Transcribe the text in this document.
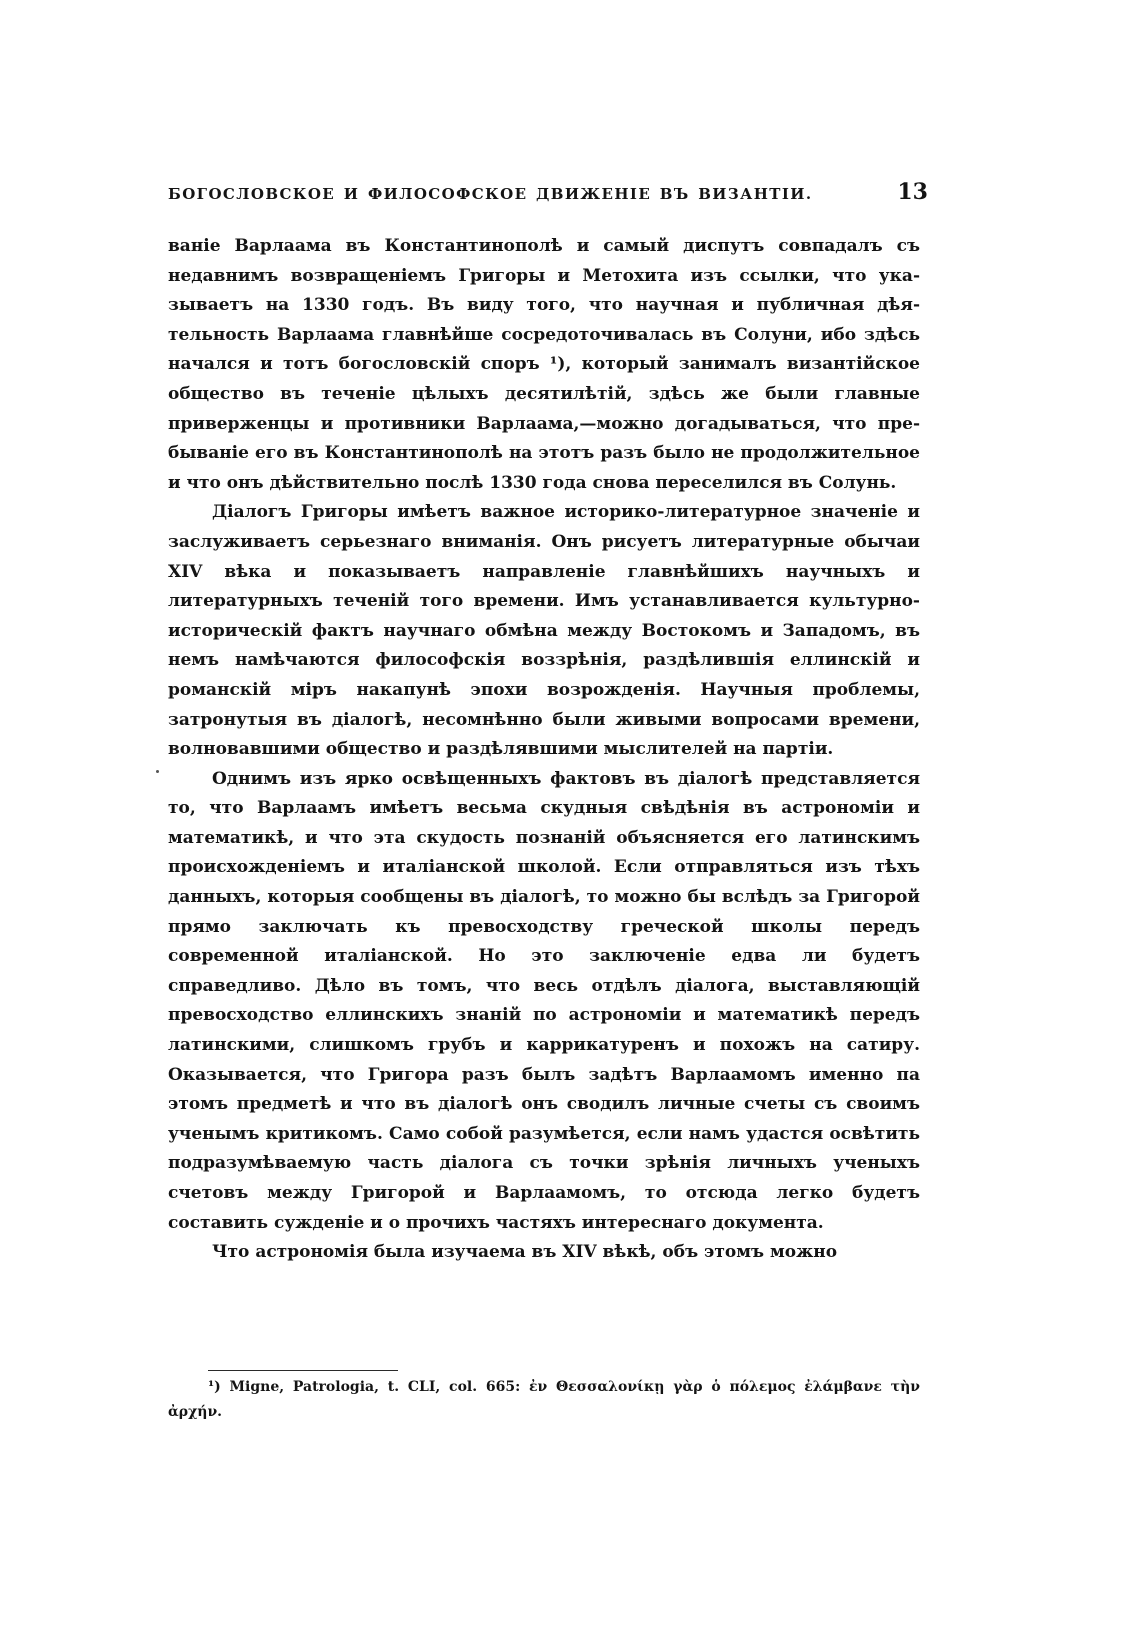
БОГОСЛОВСКОЕ И ФИЛОСОФСКОЕ ДВИЖЕНІЕ ВЪ ВИЗАНТІИ.	13

ваніе Варлаама въ Константинополѣ и самый диспутъ совпадалъ съ недавнимъ возвращеніемъ Григоры и Метохита изъ ссылки, что указываетъ на 1330 годъ. Въ виду того, что научная и публичная дѣятельность Варлаама главнѣйше сосредоточивалась въ Солуни, ибо здѣсь начался и тотъ богословскій споръ ¹), который занималъ византійское общество въ теченіе цѣлыхъ десятилѣтій, здѣсь же были главные приверженцы и противники Варлаама,—можно догадываться, что пребываніе его въ Константинополѣ на этотъ разъ было не продолжительное и что онъ дѣйствительно послѣ 1330 года снова переселился въ Солунь.

Діалогъ Григоры имѣетъ важное историко-литературное значеніе и заслуживаетъ серьезнаго вниманія. Онъ рисуетъ литературные обычаи XIV вѣка и показываетъ направленіе главнѣйшихъ научныхъ и литературныхъ теченій того времени. Имъ устанавливается культурно-историческій фактъ научнаго обмѣна между Востокомъ и Западомъ, въ немъ намѣчаются философскія воззрѣнія, раздѣлившія еллинскій и романскій міръ накапунѣ эпохи возрожденія. Научныя проблемы, затронутыя въ діалогѣ, несомнѣнно были живыми вопросами времени, волновавшими общество и раздѣлявшими мыслителей на партіи.

Однимъ изъ ярко освѣщенныхъ фактовъ въ діалогѣ представляется то, что Варлаамъ имѣетъ весьма скудныя свѣдѣнія въ астрономіи и математикѣ, и что эта скудость познаній объясняется его латинскимъ происхожденіемъ и италіанской школой. Если отправляться изъ тѣхъ данныхъ, которыя сообщены въ діалогѣ, то можно бы вслѣдъ за Григорой прямо заключать къ превосходству греческой школы передъ современной италіанской. Но это заключеніе едва ли будетъ справедливо. Дѣло въ томъ, что весь отдѣлъ діалога, выставляющій превосходство еллинскихъ знаній по астрономіи и математикѣ передъ латинскими, слишкомъ грубъ и каррикатуренъ и похожъ на сатиру. Оказывается, что Григора разъ былъ задѣтъ Варлаамомъ именно па этомъ предметѣ и что въ діалогѣ онъ сводилъ личные счеты съ своимъ ученымъ критикомъ. Само собой разумѣется, если намъ удастся освѣтить подразумѣваемую часть діалога съ точки зрѣнія личныхъ ученыхъ счетовъ между Григорой и Варлаамомъ, то отсюда легко будетъ составить сужденіе и о прочихъ частяхъ интереснаго документа.

Что астрономія была изучаема въ XIV вѣкѣ, объ этомъ можно

¹) Migne, Patrologia, t. CLI, col. 665: ἐν Θεσσαλονίκῃ γὰρ ὁ πόλεμος ἐλάμβανε τὴν ἀρχήν.
